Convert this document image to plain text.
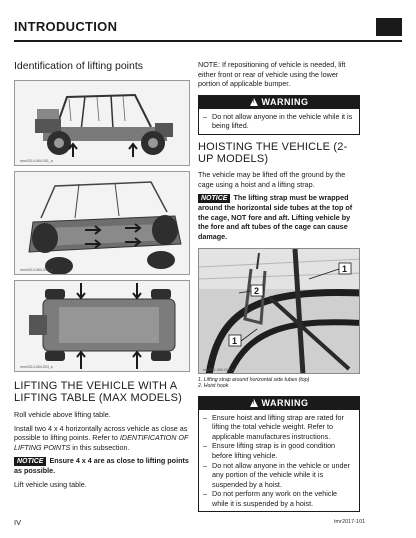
INTRODUCTION
Identification of lifting points
mmr2014-064-001_a
mmr2014-064-002_a
mmr2014-064-003_a
LIFTING THE VEHICLE WITH A LIFTING TABLE (MAX MODELS)

Roll vehicle above lifting table.

Install two 4 x 4 horizontally across vehicle as close as possible to lifting points. Refer to IDENTIFICATION OF LIFTING POINTS in this subsection.

NOTICE Ensure 4 x 4 are as close to lifting points as possible.

Lift vehicle using table.

NOTE: If repositioning of vehicle is needed, lift either front or rear of vehicle using the lower portion of applicable bumper.

! WARNING
– Do not allow anyone in the vehicle while it is being lifted.
HOISTING THE VEHICLE (2-UP MODELS)

The vehicle may be lifted off the ground by the cage using a hoist and a lifting strap.

NOTICE The lifting strap must be wrapped around the horizontal side tubes at the top of the cage, NOT fore and aft. Lifting vehicle by the fore and aft tubes of the cage can cause damage.

1
2
1
rmr2011-069-004_a
1. Lifting strap around horizontal side tubes (top)
2. Hoist hook
! WARNING
– Ensure hoist and lifting strap are rated for lifting the total vehicle weight. Refer to applicable manufactures instructions.
– Ensure lifting strap is in good condition before lifting vehicle.
– Do not allow anyone in the vehicle or under any portion of the vehicle while it is suspended by a hoist.
– Do not perform any work on the vehicle while it is suspended by a hoist.
IV	tmr2017-101
